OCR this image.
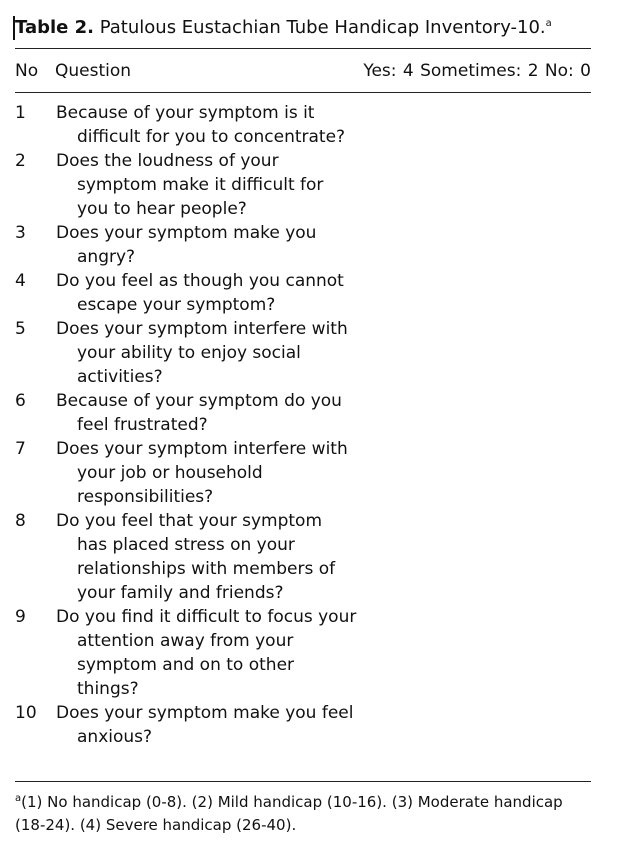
Table 2. Patulous Eustachian Tube Handicap Inventory-10.$^a$
No Question	Yes: 4 Sometimes: 2 No: 0
1	Because of your symptom is it difficult for you to concentrate?
2	Does the loudness of your symptom make it difficult for you to hear people?
3	Does your symptom make you angry?
4	Do you feel as though you cannot escape your symptom?
5	Does your symptom interfere with your ability to enjoy social activities?
6	Because of your symptom do you feel frustrated?
7	Does your symptom interfere with your job or household responsibilities?
8	Do you feel that your symptom has placed stress on your relationships with members of your family and friends?
9	Do you find it difficult to focus your attention away from your symptom and on to other things?
10	Does your symptom make you feel anxious?
$^a$(1) No handicap (0-8). (2) Mild handicap (10-16). (3) Moderate handicap (18-24). (4) Severe handicap (26-40).
